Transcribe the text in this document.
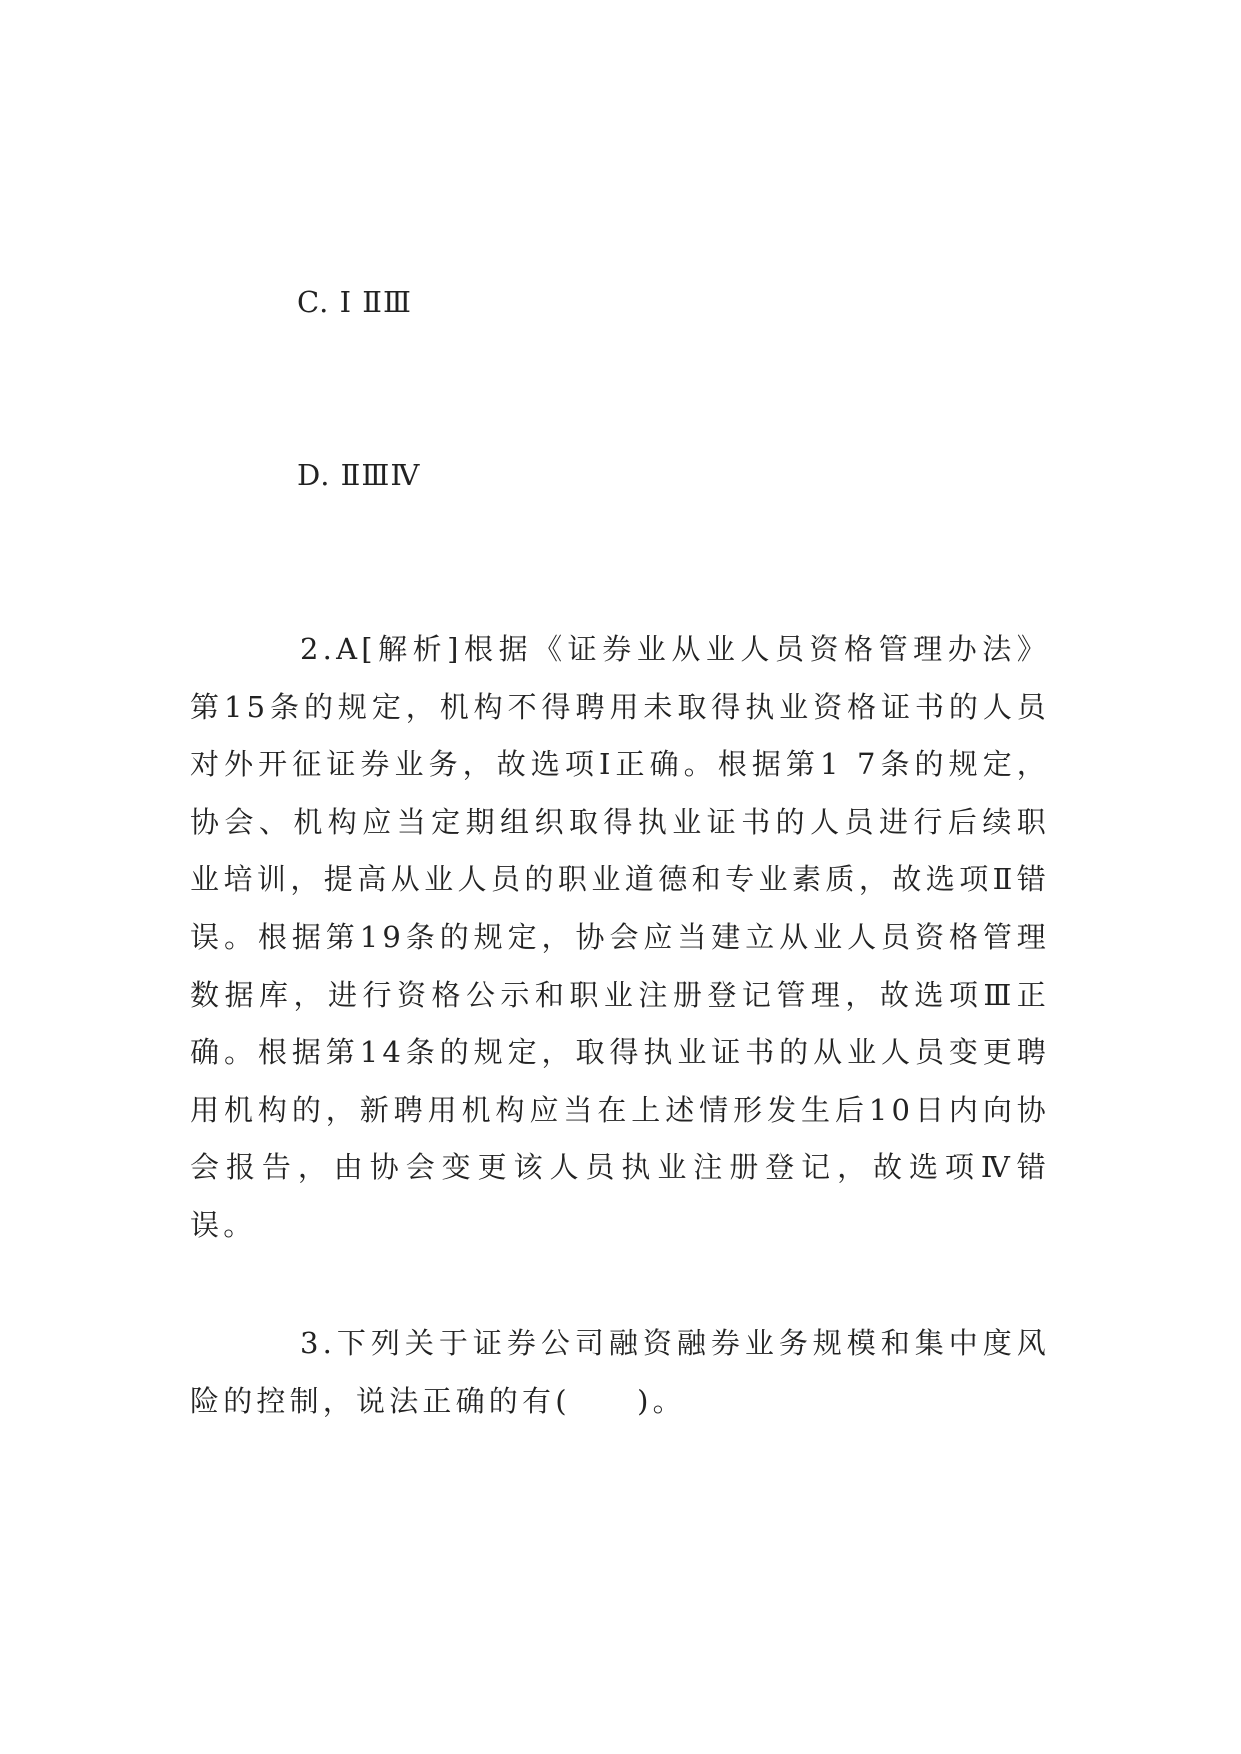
C. Ⅰ ⅡⅢ
D. ⅡⅢⅣ
2.A[解析]根据《证券业从业人员资格管理办法》第15条的规定，机构不得聘用未取得执业资格证书的人员对外开征证券业务，故选项Ⅰ正确。根据第1 7条的规定，协会、机构应当定期组织取得执业证书的人员进行后续职业培训，提高从业人员的职业道德和专业素质，故选项Ⅱ错误。根据第19条的规定，协会应当建立从业人员资格管理数据库，进行资格公示和职业注册登记管理，故选项Ⅲ正确。根据第14条的规定，取得执业证书的从业人员变更聘用机构的，新聘用机构应当在上述情形发生后10日内向协会报告，由协会变更该人员执业注册登记，故选项Ⅳ错误。
3.下列关于证券公司融资融券业务规模和集中度风险的控制，说法正确的有(　　)。
